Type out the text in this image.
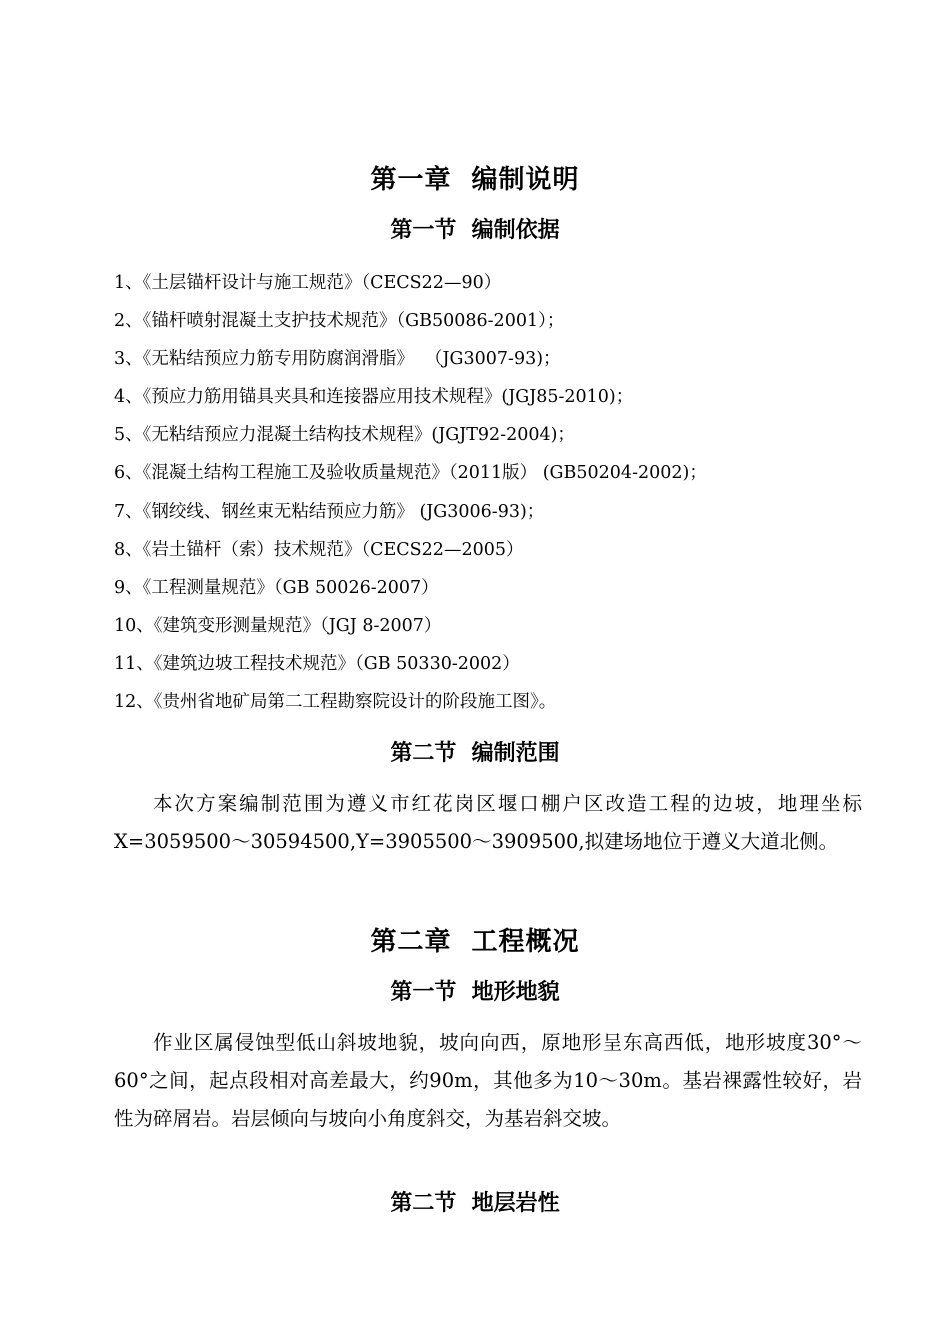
第一章  编制说明
第一节  编制依据
1、《土层锚杆设计与施工规范》（CECS22—90）
2、《锚杆喷射混凝土支护技术规范》（GB50086-2001）；
3、《无粘结预应力筋专用防腐润滑脂》  （JG3007-93)；
4、《预应力筋用锚具夹具和连接器应用技术规程》(JGJ85-2010)；
5、《无粘结预应力混凝土结构技术规程》(JGJT92-2004)；
6、《混凝土结构工程施工及验收质量规范》（2011版） (GB50204-2002)；
7、《钢绞线、钢丝束无粘结预应力筋》 (JG3006-93)；
8、《岩土锚杆（索）技术规范》（CECS22—2005）
9、《工程测量规范》（GB 50026-2007）
10、《建筑变形测量规范》（JGJ 8-2007）
11、《建筑边坡工程技术规范》（GB 50330-2002）
12、《贵州省地矿局第二工程勘察院设计的阶段施工图》。
第二节  编制范围

本次方案编制范围为遵义市红花岗区堰口棚户区改造工程的边坡，地理坐标X=3059500～30594500,Y=3905500～3909500,拟建场地位于遵义大道北侧。

第二章  工程概况
第一节  地形地貌

作业区属侵蚀型低山斜坡地貌，坡向向西，原地形呈东高西低，地形坡度30°～60°之间，起点段相对高差最大，约90m，其他多为10～30m。基岩裸露性较好，岩性为碎屑岩。岩层倾向与坡向小角度斜交，为基岩斜交坡。

第二节  地层岩性
